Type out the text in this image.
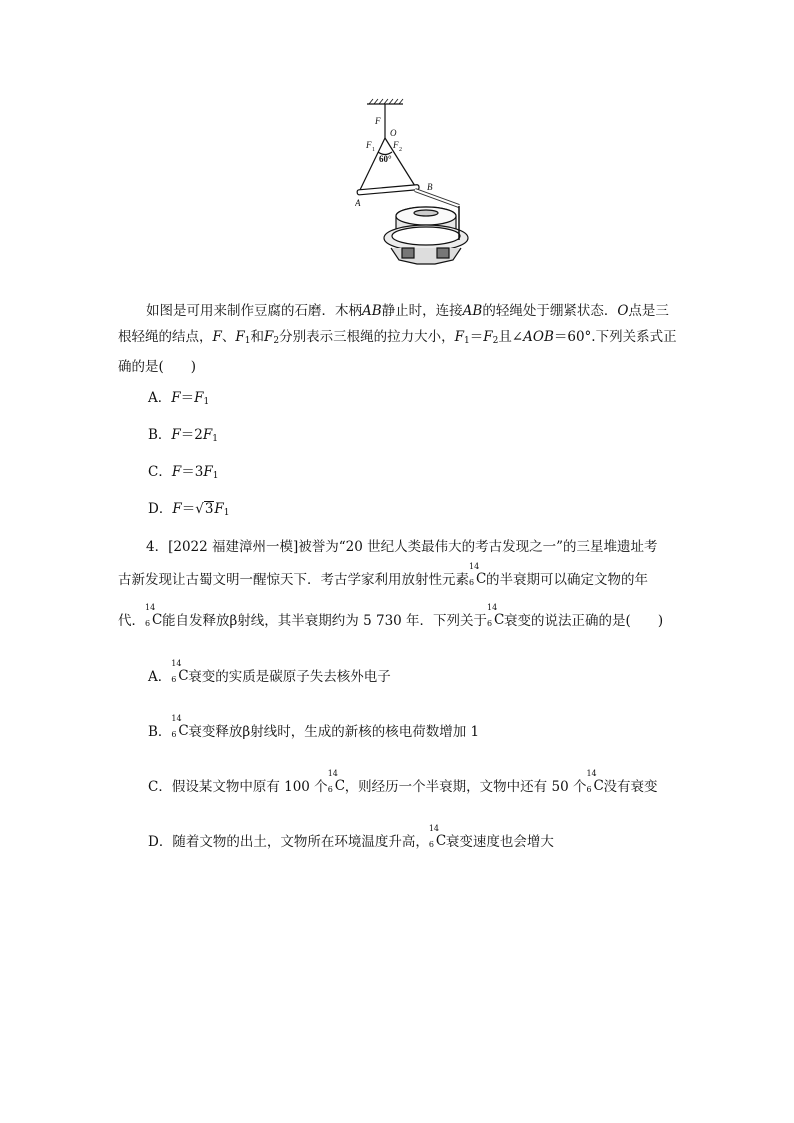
F
O
F 1 F 2
60°
A
B
如图是可用来制作豆腐的石磨．木柄AB静止时，连接AB的轻绳处于绷紧状态．O点是三根轻绳的结点，F、$F_1$和$F_2$分别表示三根绳的拉力大小，$F_1=F_2$且∠AOB＝60°.下列关系式正确的是(　　)
A．$F=F_1$
B．$F=2F_1$
C．$F=3F_1$
D．$F=√3F_1$
4．[2022 福建漳州一模]被誉为“20 世纪人类最伟大的考古发现之一”的三星堆遗址考
古新发现让古蜀文明一醒惊天下．考古学家利用放射性元素
14
6 C 的半衰期可以确定文物的年
代．
14
6 C 能自发释放β射线，其半衰期约为 5 730 年．下列关于
14
6 C 衰变的说法正确的是(　　)
A．
14
6 C 衰变的实质是碳原子失去核外电子
B．
14
6 C 衰变释放β射线时，生成的新核的核电荷数增加 1
C．假设某文物中原有 100 个
14
6 C ，则经历一个半衰期，文物中还有 50 个
14
6 C 没有衰变
D．随着文物的出土，文物所在环境温度升高，
14
6 C 衰变速度也会增大
